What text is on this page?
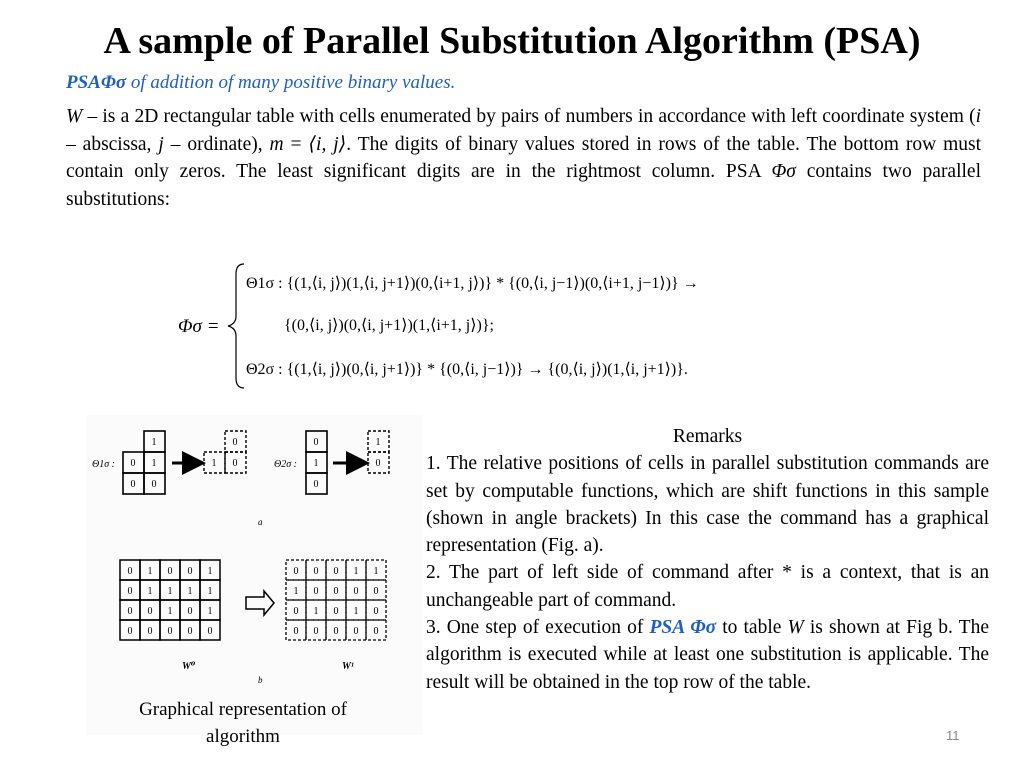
A sample of Parallel Substitution Algorithm (PSA)
PSAΦσ of addition of many positive binary values.
W – is a 2D rectangular table with cells enumerated by pairs of numbers in accordance with left coordinate system (i – abscissa, j – ordinate), m = ⟨i, j⟩. The digits of binary values stored in rows of the table. The bottom row must contain only zeros. The least significant digits are in the rightmost column. PSA Φσ contains two parallel substitutions:
Φσ =
Θ1σ : {(1,⟨i, j⟩)(1,⟨i, j+1⟩)(0,⟨i+1, j⟩)} * {(0,⟨i, j−1⟩)(0,⟨i+1, j−1⟩)} →
{(0,⟨i, j⟩)(0,⟨i, j+1⟩)(1,⟨i+1, j⟩)};
Θ2σ : {(1,⟨i, j⟩)(0,⟨i, j+1⟩)} * {(0,⟨i, j−1⟩)} → {(0,⟨i, j⟩)(1,⟨i, j+1⟩)}.
Θ1σ :
1
0 1
0 0
0
1 0	Θ2σ :
0
1
0
1
0
a
0 1 0 0 1
0 1 1 1 1
0 0 1 0 1
0 0 0 0 0
W⁰
0 0 0 1 1
1 0 0 0 0
0 1 0 1 0
0 0 0 0 0
W¹
b
Graphical representation of algorithm

Remarks

1. The relative positions of cells in parallel substitution commands are set by computable functions, which are shift functions in this sample (shown in angle brackets) In this case the command has a graphical representation (Fig. a).

2. The part of left side of command after * is a context, that is an unchangeable part of command.

3. One step of execution of PSA Φσ to table W is shown at Fig b. The algorithm is executed while at least one substitution is applicable. The result will be obtained in the top row of the table.

11
